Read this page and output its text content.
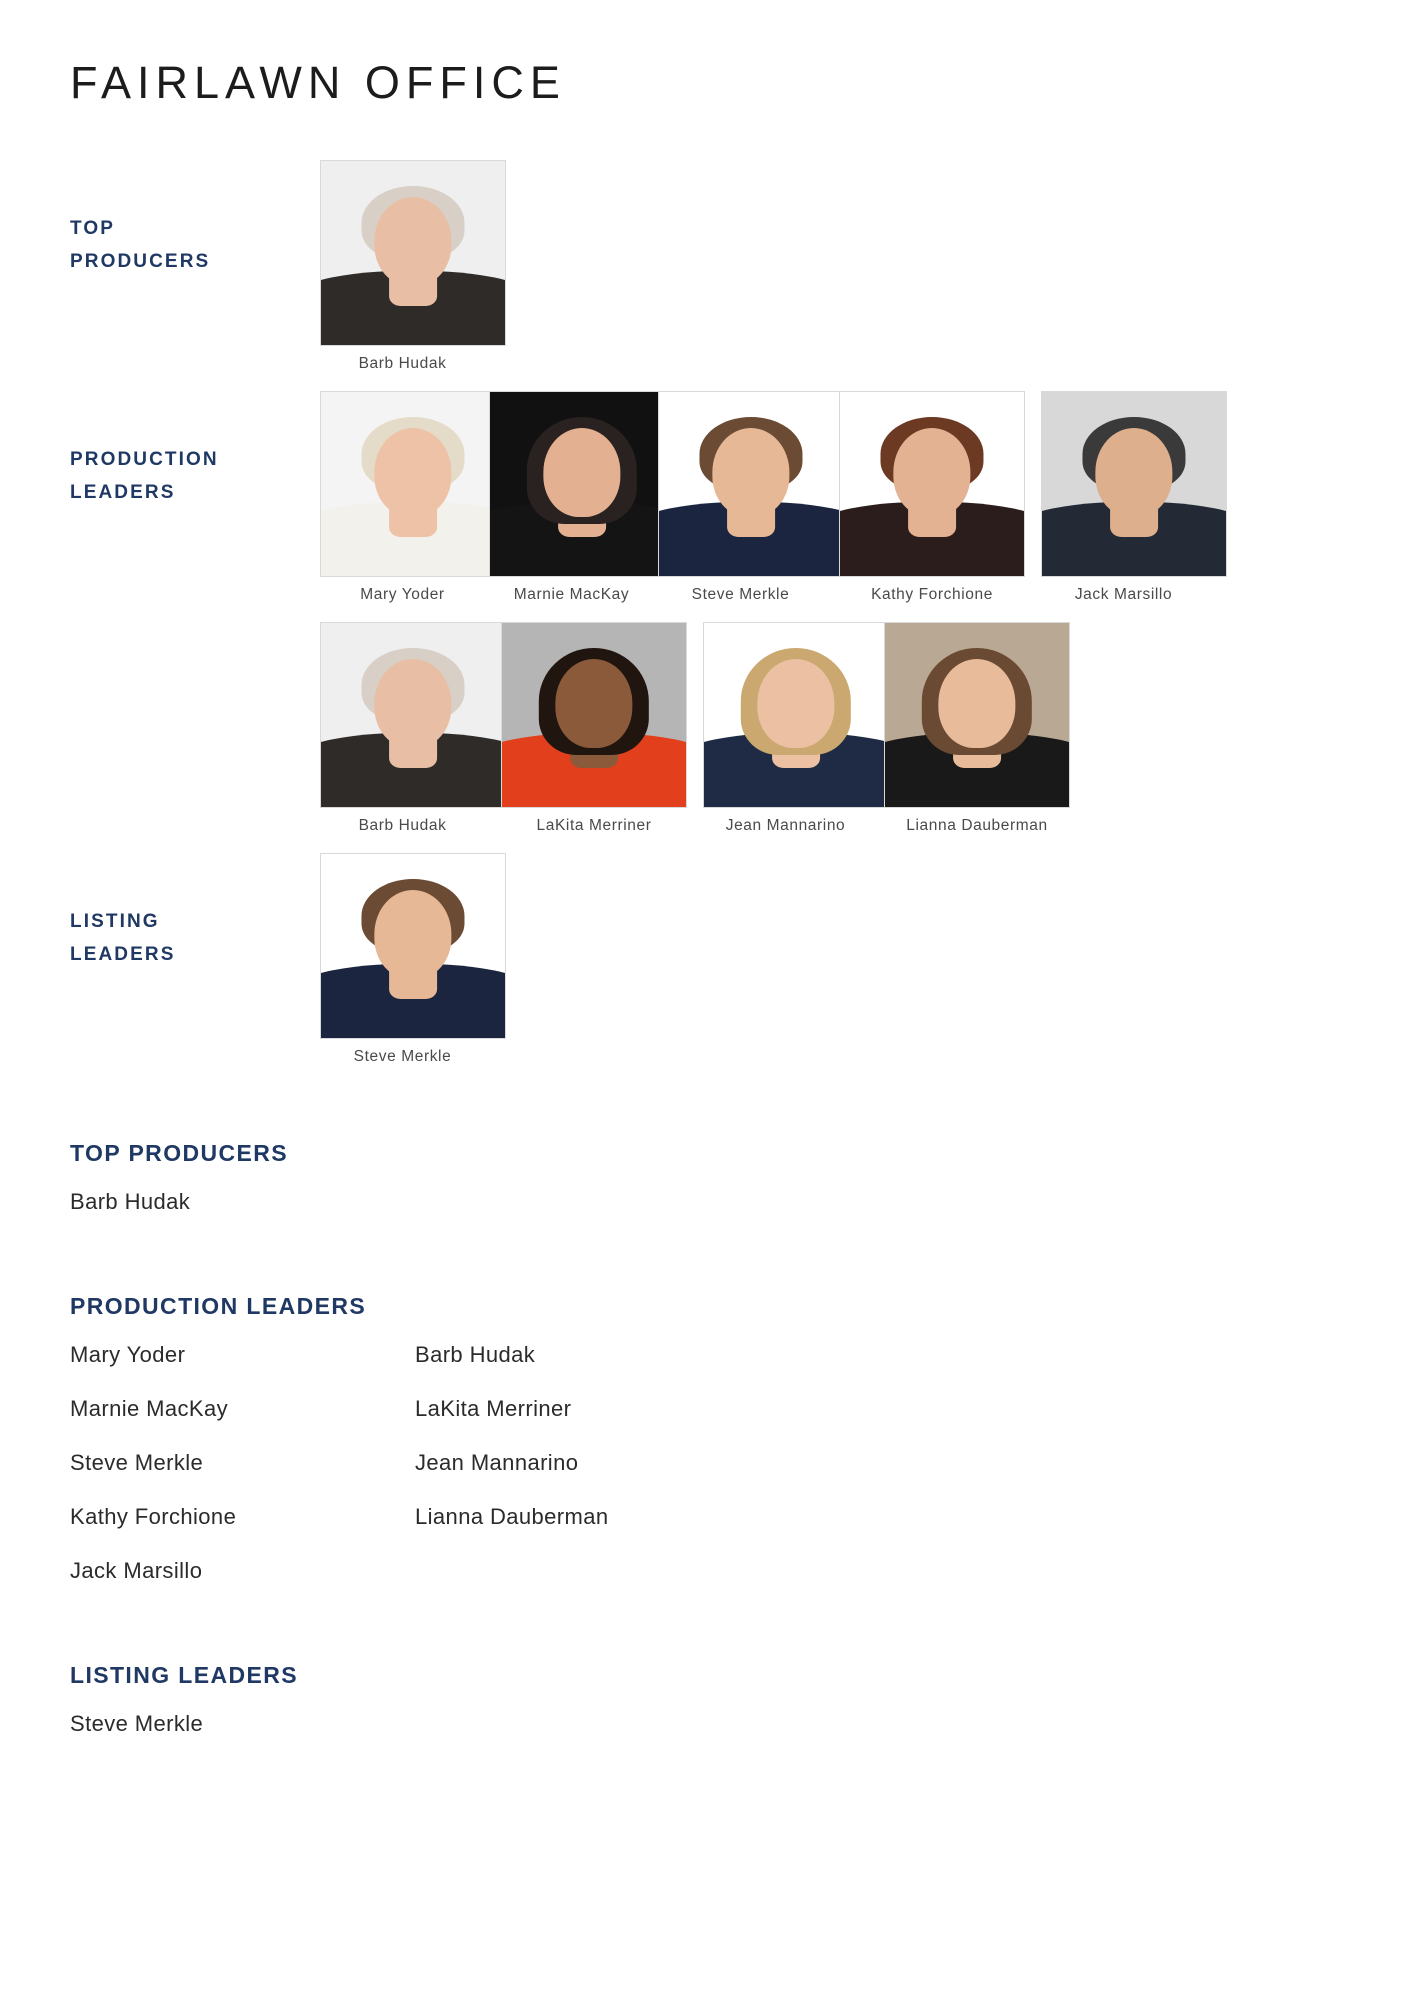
FAIRLAWN OFFICE
TOP
PRODUCERS
Barb Hudak
PRODUCTION
LEADERS
Mary Yoder	Marnie MacKay	Steve Merkle	Kathy Forchione	Jack Marsillo
Barb Hudak	LaKita Merriner	Jean Mannarino	Lianna Dauberman
LISTING
LEADERS
Steve Merkle
TOP PRODUCERS
Barb Hudak
PRODUCTION LEADERS
Mary Yoder
Marnie MacKay
Steve Merkle
Kathy Forchione
Jack Marsillo
Barb Hudak
LaKita Merriner
Jean Mannarino
Lianna Dauberman
LISTING LEADERS
Steve Merkle
